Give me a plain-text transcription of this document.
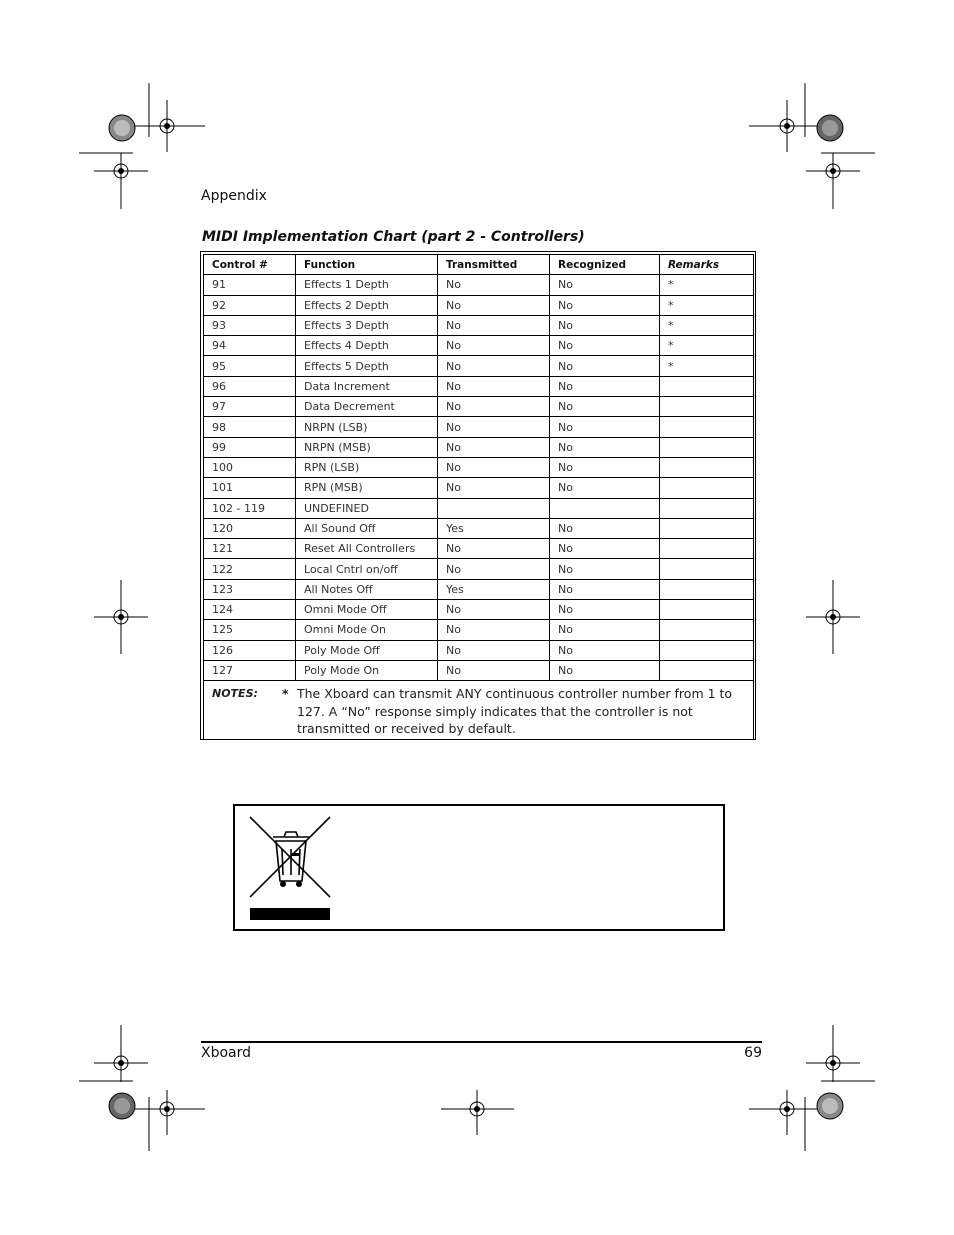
Appendix
MIDI Implementation Chart (part 2 - Controllers)
Control #	Function	Transmitted	Recognized	Remarks
91	Effects 1 Depth	No	No	*
92	Effects 2 Depth	No	No	*
93	Effects 3 Depth	No	No	*
94	Effects 4 Depth	No	No	*
95	Effects 5 Depth	No	No	*
96	Data Increment	No	No	
97	Data Decrement	No	No	
98	NRPN (LSB)	No	No	
99	NRPN (MSB)	No	No	
100	RPN (LSB)	No	No	
101	RPN (MSB)	No	No	
102 - 119	UNDEFINED			
120	All Sound Off	Yes	No	
121	Reset All Controllers	No	No	
122	Local Cntrl on/off	No	No	
123	All Notes Off	Yes	No	
124	Omni Mode Off	No	No	
125	Omni Mode On	No	No	
126	Poly Mode Off	No	No	
127	Poly Mode On	No	No	

NOTES: * The Xboard can transmit ANY continuous controller number from 1 to 127. A “No” response simply indicates that the controller is not transmitted or received by default.				
Xboard	69
